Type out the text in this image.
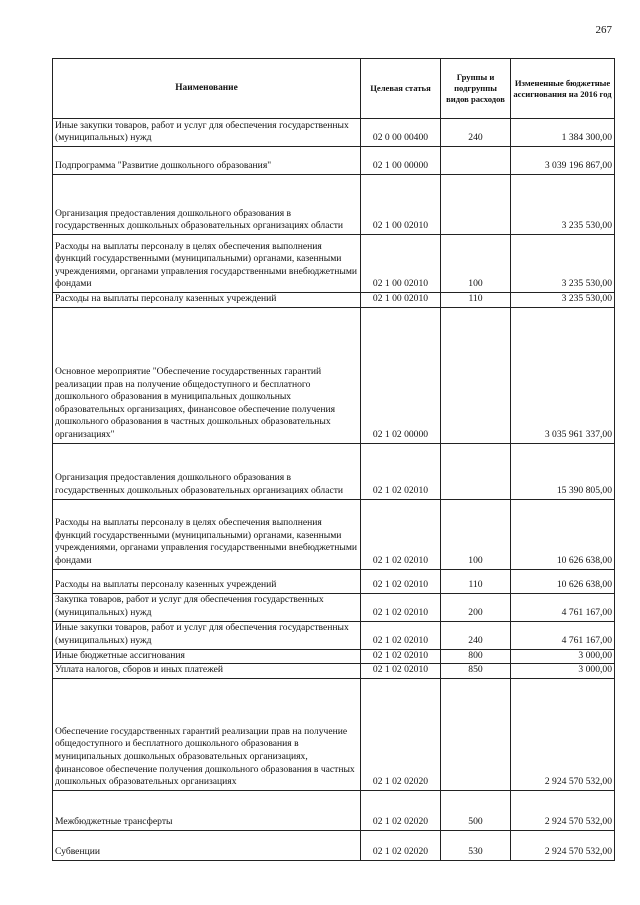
267
Наименование	Целевая статья	Группы и подгруппы видов расходов	Измененные бюджетные ассигнования на 2016 год
Иные закупки товаров, работ и услуг для обеспечения государственных (муниципальных) нужд	02 0 00 00400	240	1 384 300,00
Подпрограмма "Развитие дошкольного образования"	02 1 00 00000		3 039 196 867,00
Организация предоставления дошкольного образования в государственных дошкольных образовательных организациях области	02 1 00 02010		3 235 530,00
Расходы на выплаты персоналу в целях обеспечения выполнения функций государственными (муниципальными) органами, казенными учреждениями, органами управления государственными внебюджетными фондами	02 1 00 02010	100	3 235 530,00
Расходы на выплаты персоналу казенных учреждений	02 1 00 02010	110	3 235 530,00
Основное мероприятие "Обеспечение государственных гарантий реализации прав на получение общедоступного и бесплатного дошкольного образования в муниципальных дошкольных образовательных организациях, финансовое обеспечение получения дошкольного образования в частных дошкольных образовательных организациях"	02 1 02 00000		3 035 961 337,00
Организация предоставления дошкольного образования в государственных дошкольных образовательных организациях области	02 1 02 02010		15 390 805,00
Расходы на выплаты персоналу в целях обеспечения выполнения функций государственными (муниципальными) органами, казенными учреждениями, органами управления государственными внебюджетными фондами	02 1 02 02010	100	10 626 638,00
Расходы на выплаты персоналу казенных учреждений	02 1 02 02010	110	10 626 638,00
Закупка товаров, работ и услуг для обеспечения государственных (муниципальных) нужд	02 1 02 02010	200	4 761 167,00
Иные закупки товаров, работ и услуг для обеспечения государственных (муниципальных) нужд	02 1 02 02010	240	4 761 167,00
Иные бюджетные ассигнования	02 1 02 02010	800	3 000,00
Уплата налогов, сборов и иных платежей	02 1 02 02010	850	3 000,00
Обеспечение государственных гарантий реализации прав на получение общедоступного и бесплатного дошкольного образования в муниципальных дошкольных образовательных организациях, финансовое обеспечение получения дошкольного образования в частных дошкольных образовательных организациях	02 1 02 02020		2 924 570 532,00
Межбюджетные трансферты	02 1 02 02020	500	2 924 570 532,00
Субвенции	02 1 02 02020	530	2 924 570 532,00
